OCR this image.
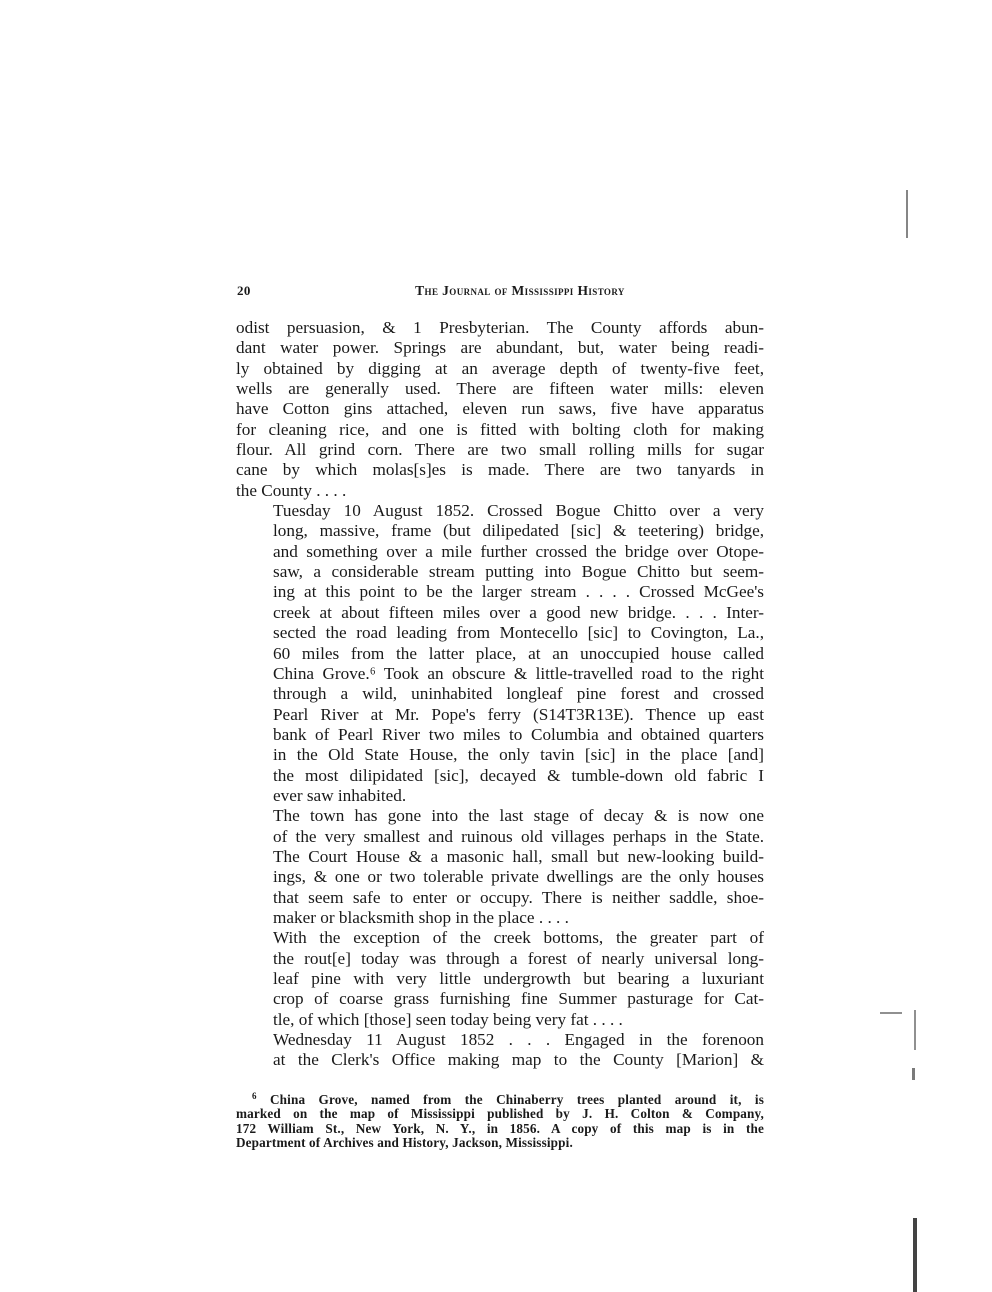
20	The Journal of Mississippi History

odist persuasion, & 1 Presbyterian. The County affords abun-
dant water power. Springs are abundant, but, water being readi-
ly obtained by digging at an average depth of twenty-five feet,
wells are generally used. There are fifteen water mills: eleven
have Cotton gins attached, eleven run saws, five have apparatus
for cleaning rice, and one is fitted with bolting cloth for making
flour. All grind corn. There are two small rolling mills for sugar
cane by which molas[s]es is made. There are two tanyards in
the County . . . .

Tuesday 10 August 1852. Crossed Bogue Chitto over a very
long, massive, frame (but dilipedated [sic] & teetering) bridge,
and something over a mile further crossed the bridge over Otope-
saw, a considerable stream putting into Bogue Chitto but seem-
ing at this point to be the larger stream . . . . Crossed McGee's
creek at about fifteen miles over a good new bridge. . . . Inter-
sected the road leading from Montecello [sic] to Covington, La.,
60 miles from the latter place, at an unoccupied house called
China Grove.⁶ Took an obscure & little-travelled road to the right
through a wild, uninhabited longleaf pine forest and crossed
Pearl River at Mr. Pope's ferry (S14T3R13E). Thence up east
bank of Pearl River two miles to Columbia and obtained quarters
in the Old State House, the only tavin [sic] in the place [and]
the most dilipidated [sic], decayed & tumble-down old fabric I
ever saw inhabited.

The town has gone into the last stage of decay & is now one
of the very smallest and ruinous old villages perhaps in the State.
The Court House & a masonic hall, small but new-looking build-
ings, & one or two tolerable private dwellings are the only houses
that seem safe to enter or occupy. There is neither saddle, shoe-
maker or blacksmith shop in the place . . . .

With the exception of the creek bottoms, the greater part of
the rout[e] today was through a forest of nearly universal long-
leaf pine with very little undergrowth but bearing a luxuriant
crop of coarse grass furnishing fine Summer pasturage for Cat-
tle, of which [those] seen today being very fat . . . .

Wednesday 11 August 1852 . . . Engaged in the forenoon
at the Clerk's Office making map to the County [Marion] &

$^6$ China Grove, named from the Chinaberry trees planted around it, is
marked on the map of Mississippi published by J. H. Colton & Company,
172 William St., New York, N. Y., in 1856. A copy of this map is in the
Department of Archives and History, Jackson, Mississippi.
